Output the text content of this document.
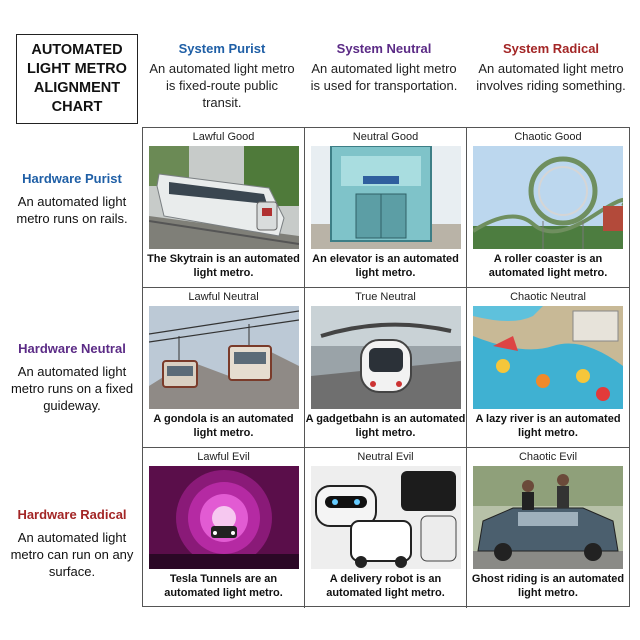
AUTOMATED LIGHT METRO ALIGNMENT CHART
System Purist
An automated light metro is fixed-route public transit.
System Neutral
An automated light metro is used for transportation.
System Radical
An automated light metro involves riding something.
Hardware Purist
An automated light metro runs on rails.
Hardware Neutral
An automated light metro runs on a fixed guideway.
Hardware Radical
An automated light metro can run on any surface.
Lawful Good
The Skytrain is an automated light metro.
Neutral Good
An elevator is an automated light metro.
Chaotic Good
A roller coaster is an automated light metro.
Lawful Neutral
A gondola is an automated light metro.
True Neutral
A gadgetbahn is an automated light metro.
Chaotic Neutral
A lazy river is an automated light metro.
Lawful Evil
Tesla Tunnels are an automated light metro.
Neutral Evil
A delivery robot is an automated light metro.
Chaotic Evil
Ghost riding is an automated light metro.
